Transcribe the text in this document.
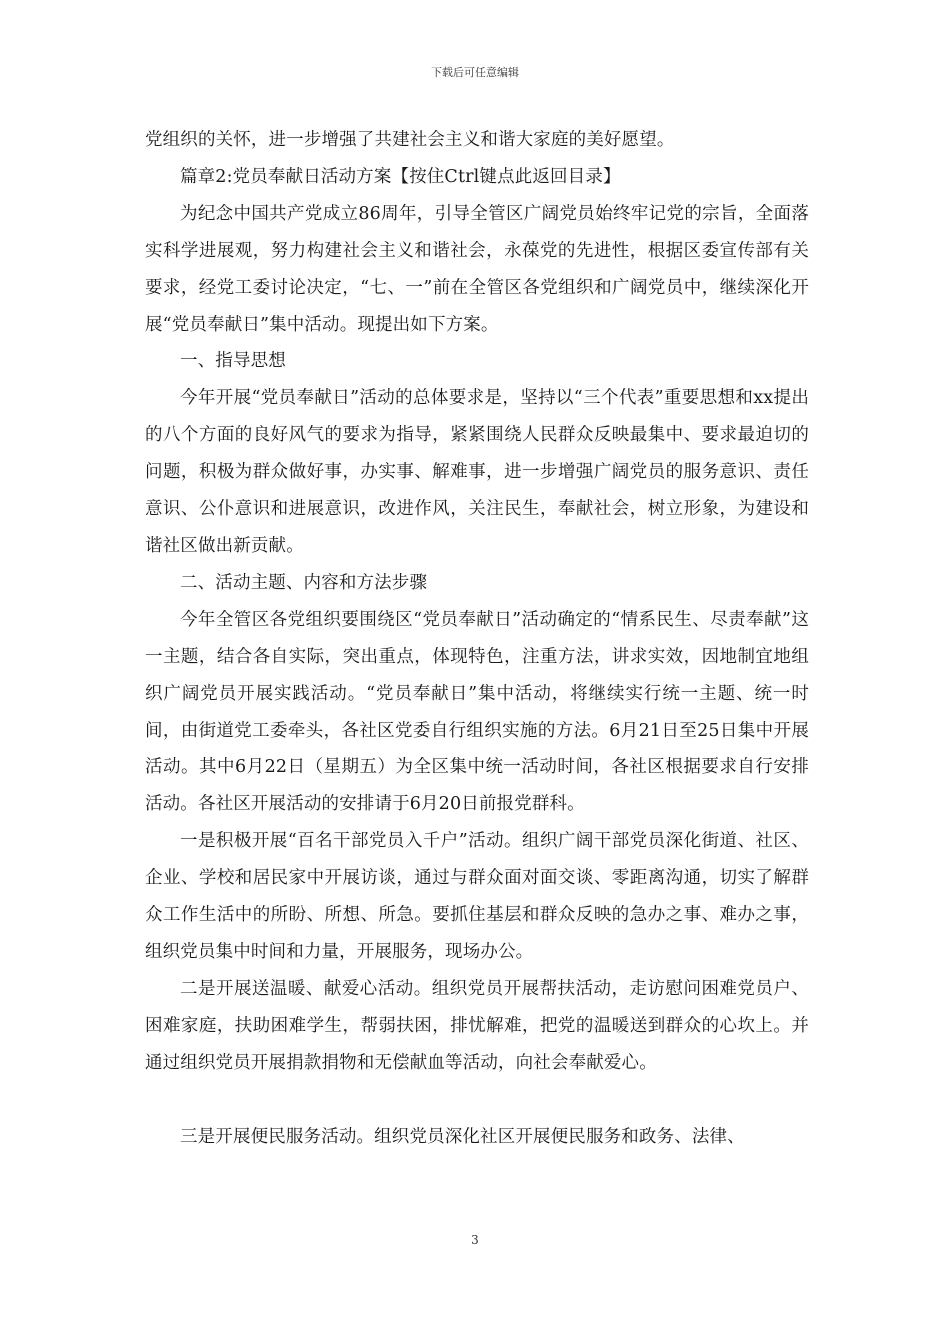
下载后可任意编辑

党组织的关怀，进一步增强了共建社会主义和谐大家庭的美好愿望。

篇章2:党员奉献日活动方案【按住Ctrl键点此返回目录】

为纪念中国共产党成立86周年，引导全管区广阔党员始终牢记党的宗旨，全面落实科学进展观，努力构建社会主义和谐社会，永葆党的先进性，根据区委宣传部有关要求，经党工委讨论决定，“七、一”前在全管区各党组织和广阔党员中，继续深化开展“党员奉献日”集中活动。现提出如下方案。

一、指导思想

今年开展“党员奉献日”活动的总体要求是，坚持以“三个代表”重要思想和xx提出的八个方面的良好风气的要求为指导，紧紧围绕人民群众反映最集中、要求最迫切的问题，积极为群众做好事，办实事、解难事，进一步增强广阔党员的服务意识、责任意识、公仆意识和进展意识，改进作风，关注民生，奉献社会，树立形象，为建设和谐社区做出新贡献。

二、活动主题、内容和方法步骤

今年全管区各党组织要围绕区“党员奉献日”活动确定的“情系民生、尽责奉献”这一主题，结合各自实际，突出重点，体现特色，注重方法，讲求实效，因地制宜地组织广阔党员开展实践活动。“党员奉献日”集中活动，将继续实行统一主题、统一时间，由街道党工委牵头，各社区党委自行组织实施的方法。6月21日至25日集中开展活动。其中6月22日（星期五）为全区集中统一活动时间，各社区根据要求自行安排活动。各社区开展活动的安排请于6月20日前报党群科。

一是积极开展“百名干部党员入千户”活动。组织广阔干部党员深化街道、社区、企业、学校和居民家中开展访谈，通过与群众面对面交谈、零距离沟通，切实了解群众工作生活中的所盼、所想、所急。要抓住基层和群众反映的急办之事、难办之事，组织党员集中时间和力量，开展服务，现场办公。

二是开展送温暖、献爱心活动。组织党员开展帮扶活动，走访慰问困难党员户、困难家庭，扶助困难学生，帮弱扶困，排忧解难，把党的温暖送到群众的心坎上。并通过组织党员开展捐款捐物和无偿献血等活动，向社会奉献爱心。

三是开展便民服务活动。组织党员深化社区开展便民服务和政务、法律、

3
